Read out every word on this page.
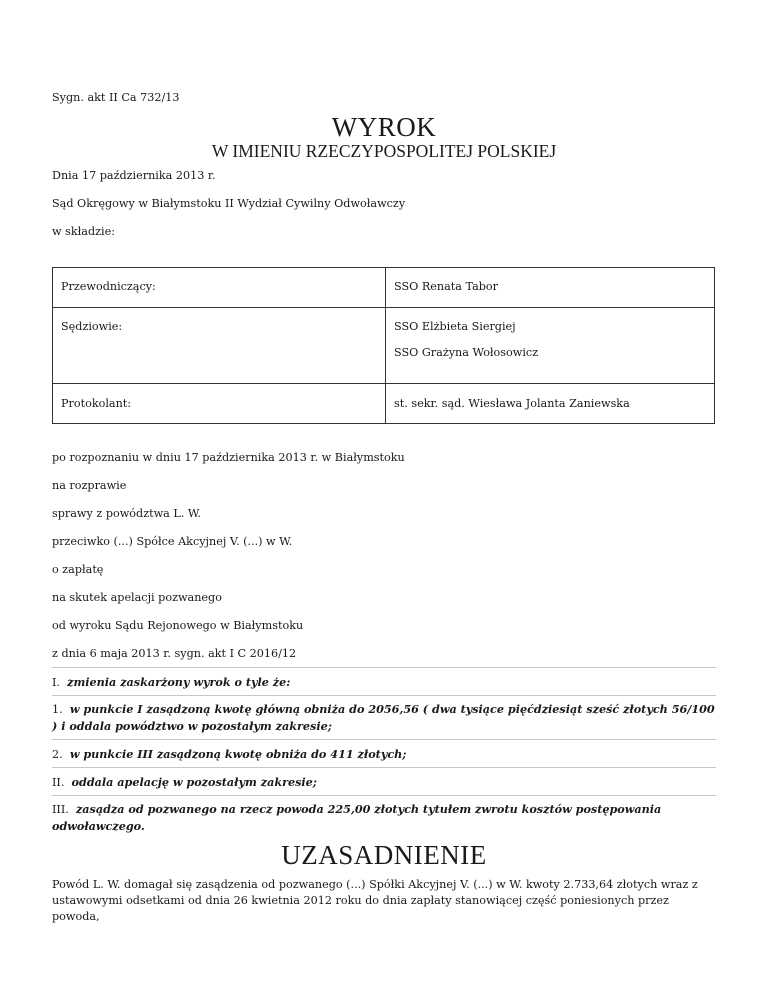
Sygn. akt II Ca 732/13
WYROK
W IMIENIU RZECZYPOSPOLITEJ POLSKIEJ
Dnia 17 października 2013 r.
Sąd Okręgowy w Białymstoku II Wydział Cywilny Odwoławczy
w składzie:
Przewodniczący:	SSO Renata Tabor

Sędziowie:	SSO Elżbieta Siergiej
SSO Grażyna Wołosowicz

Protokolant:	st. sekr. sąd. Wiesława Jolanta Zaniewska
po rozpoznaniu w dniu 17 października 2013 r. w Białymstoku
na rozprawie
sprawy z powództwa L. W.
przeciwko (...) Spółce Akcyjnej V. (...) w W.
o zapłatę
na skutek apelacji pozwanego
od wyroku Sądu Rejonowego w Białymstoku
z dnia 6 maja 2013 r. sygn. akt I C 2016/12
I. zmienia zaskarżony wyrok o tyle że:
1. w punkcie I zasądzoną kwotę główną obniża do 2056,56 ( dwa tysiące pięćdziesiąt sześć złotych 56/100 ) i oddala powództwo w pozostałym zakresie;
2. w punkcie III zasądzoną kwotę obniża do 411 złotych;
II. oddala apelację w pozostałym zakresie;
III. zasądza od pozwanego na rzecz powoda 225,00 złotych tytułem zwrotu kosztów postępowania odwoławczego.
UZASADNIENIE
Powód L. W. domagał się zasądzenia od pozwanego (...) Spółki Akcyjnej V. (...) w W. kwoty 2.733,64 złotych wraz z ustawowymi odsetkami od dnia 26 kwietnia 2012 roku do dnia zapłaty stanowiącej część poniesionych przez powoda,
